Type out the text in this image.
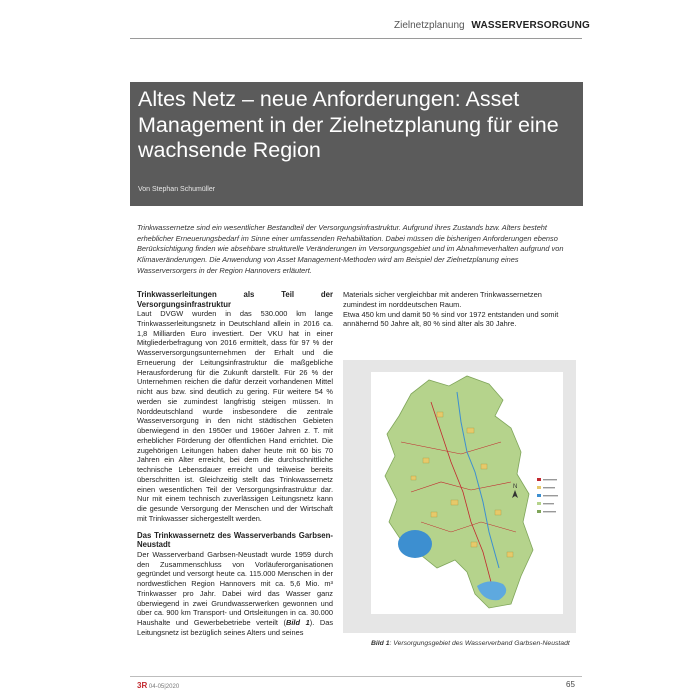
Zielnetzplanung WASSERVERSORGUNG
Altes Netz – neue Anforderungen: Asset Management in der Zielnetzplanung für eine wachsende Region
Von Stephan Schumüller
Trinkwassernetze sind ein wesentlicher Bestandteil der Versorgungsinfrastruktur. Aufgrund ihres Zustands bzw. Alters besteht erheblicher Erneuerungsbedarf im Sinne einer umfassenden Rehabilitation. Dabei müssen die bisherigen Anforderungen ebenso Berücksichtigung finden wie absehbare strukturelle Veränderungen im Versorgungsgebiet und im Abnahmeverhalten aufgrund von Klimaveränderungen. Die Anwendung von Asset Management-Methoden wird am Beispiel der Zielnetzplanung eines Wasserversorgers in der Region Hannovers erläutert.
Trinkwasserleitungen als Teil der Versorgungsinfrastruktur

Laut DVGW wurden in das 530.000 km lange Trinkwasserleitungsnetz in Deutschland allein in 2016 ca. 1,8 Milliarden Euro investiert. Der VKU hat in einer Mitgliederbefragung von 2016 ermittelt, dass für 97 % der Wasserversorgungsunternehmen der Erhalt und die Erneuerung der Leitungsinfrastruktur die maßgebliche Herausforderung für die Zukunft darstellt. Für 26 % der Unternehmen reichen die dafür derzeit vorhandenen Mittel nicht aus bzw. sind deutlich zu gering. Für weitere 54 % werden sie zumindest langfristig steigen müssen. In Norddeutschland wurde insbesondere die zentrale Wasserversorgung in den nicht städtischen Gebieten überwiegend in den 1950er und 1960er Jahren z. T. mit erheblicher Förderung der öffentlichen Hand errichtet. Die zugehörigen Leitungen haben daher heute mit 60 bis 70 Jahren ein Alter erreicht, bei dem die durchschnittliche technische Lebensdauer erreicht und teilweise bereits überschritten ist. Gleichzeitig stellt das Trinkwassernetz einen wesentlichen Teil der Versorgungsinfrastruktur dar. Nur mit einem technisch zuverlässigen Leitungsnetz kann die gesunde Versorgung der Menschen und der Wirtschaft mit Trinkwasser sichergestellt werden.

Das Trinkwassernetz des Wasserverbands Garbsen-Neustadt

Der Wasserverband Garbsen-Neustadt wurde 1959 durch den Zusammenschluss von Vorläuferorganisationen gegründet und versorgt heute ca. 115.000 Menschen in der nordwestlichen Region Hannovers mit ca. 5,6 Mio. m³ Trinkwasser pro Jahr. Dabei wird das Wasser ganz überwiegend in zwei Grundwasserwerken gewonnen und über ca. 900 km Transport- und Ortsleitungen in ca. 30.000 Haushalte und Gewerbebetriebe verteilt (Bild 1). Das Leitungsnetz ist bezüglich seines Alters und seines

Materials sicher vergleichbar mit anderen Trinkwassernetzen zumindest im norddeutschen Raum.

Etwa 450 km und damit 50 % sind vor 1972 entstanden und somit annähernd 50 Jahre alt, 80 % sind älter als 30 Jahre.

N
Bild 1: Versorgungsgebiet des Wasserverband Garbsen-Neustadt
3R 04-05|2020	65
